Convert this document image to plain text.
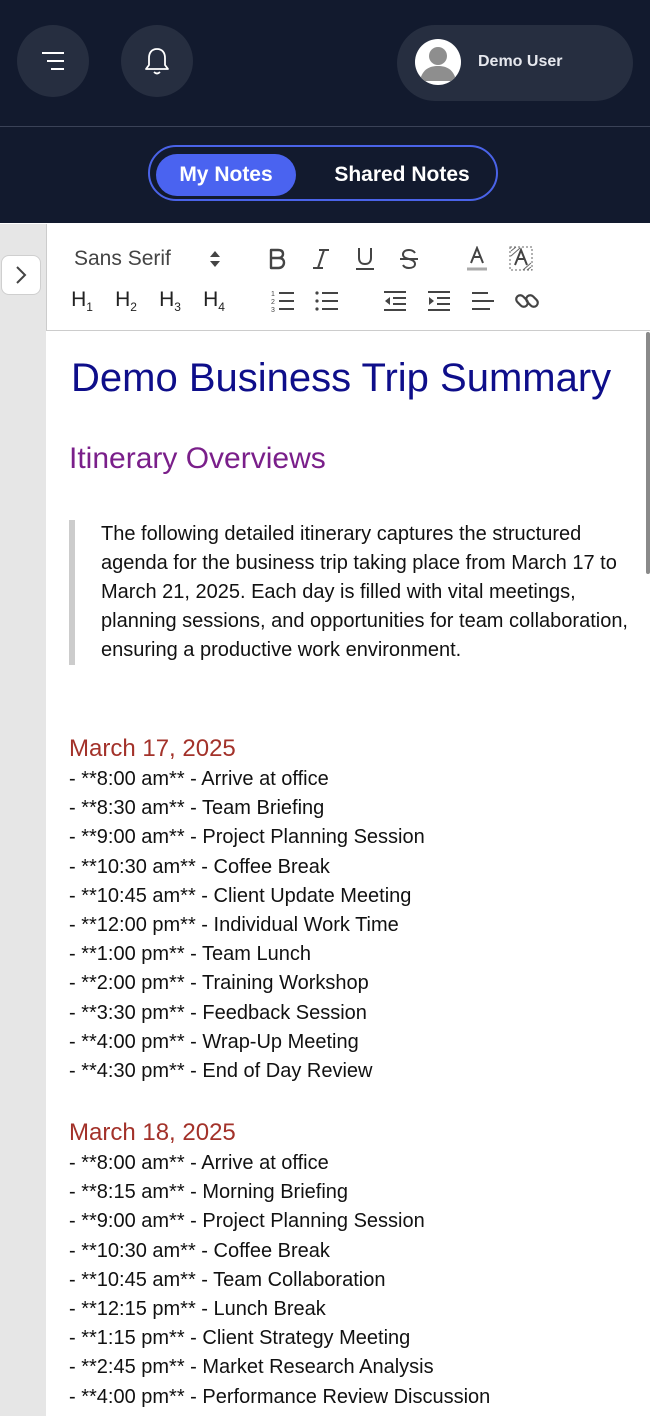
Demo User
My Notes	Shared Notes
Sans Serif
$H_1$ $H_2$ $H_3$ $H_4$
1
2
3
Demo Business Trip Summary
Itinerary Overviews
The following detailed itinerary captures the structured agenda for the business trip taking place from March 17 to March 21, 2025. Each day is filled with vital meetings, planning sessions, and opportunities for team collaboration, ensuring a productive work environment.
March 17, 2025
- **8:00 am** - Arrive at office
- **8:30 am** - Team Briefing
- **9:00 am** - Project Planning Session
- **10:30 am** - Coffee Break
- **10:45 am** - Client Update Meeting
- **12:00 pm** - Individual Work Time
- **1:00 pm** - Team Lunch
- **2:00 pm** - Training Workshop
- **3:30 pm** - Feedback Session
- **4:00 pm** - Wrap-Up Meeting
- **4:30 pm** - End of Day Review
March 18, 2025
- **8:00 am** - Arrive at office
- **8:15 am** - Morning Briefing
- **9:00 am** - Project Planning Session
- **10:30 am** - Coffee Break
- **10:45 am** - Team Collaboration
- **12:15 pm** - Lunch Break
- **1:15 pm** - Client Strategy Meeting
- **2:45 pm** - Market Research Analysis
- **4:00 pm** - Performance Review Discussion
